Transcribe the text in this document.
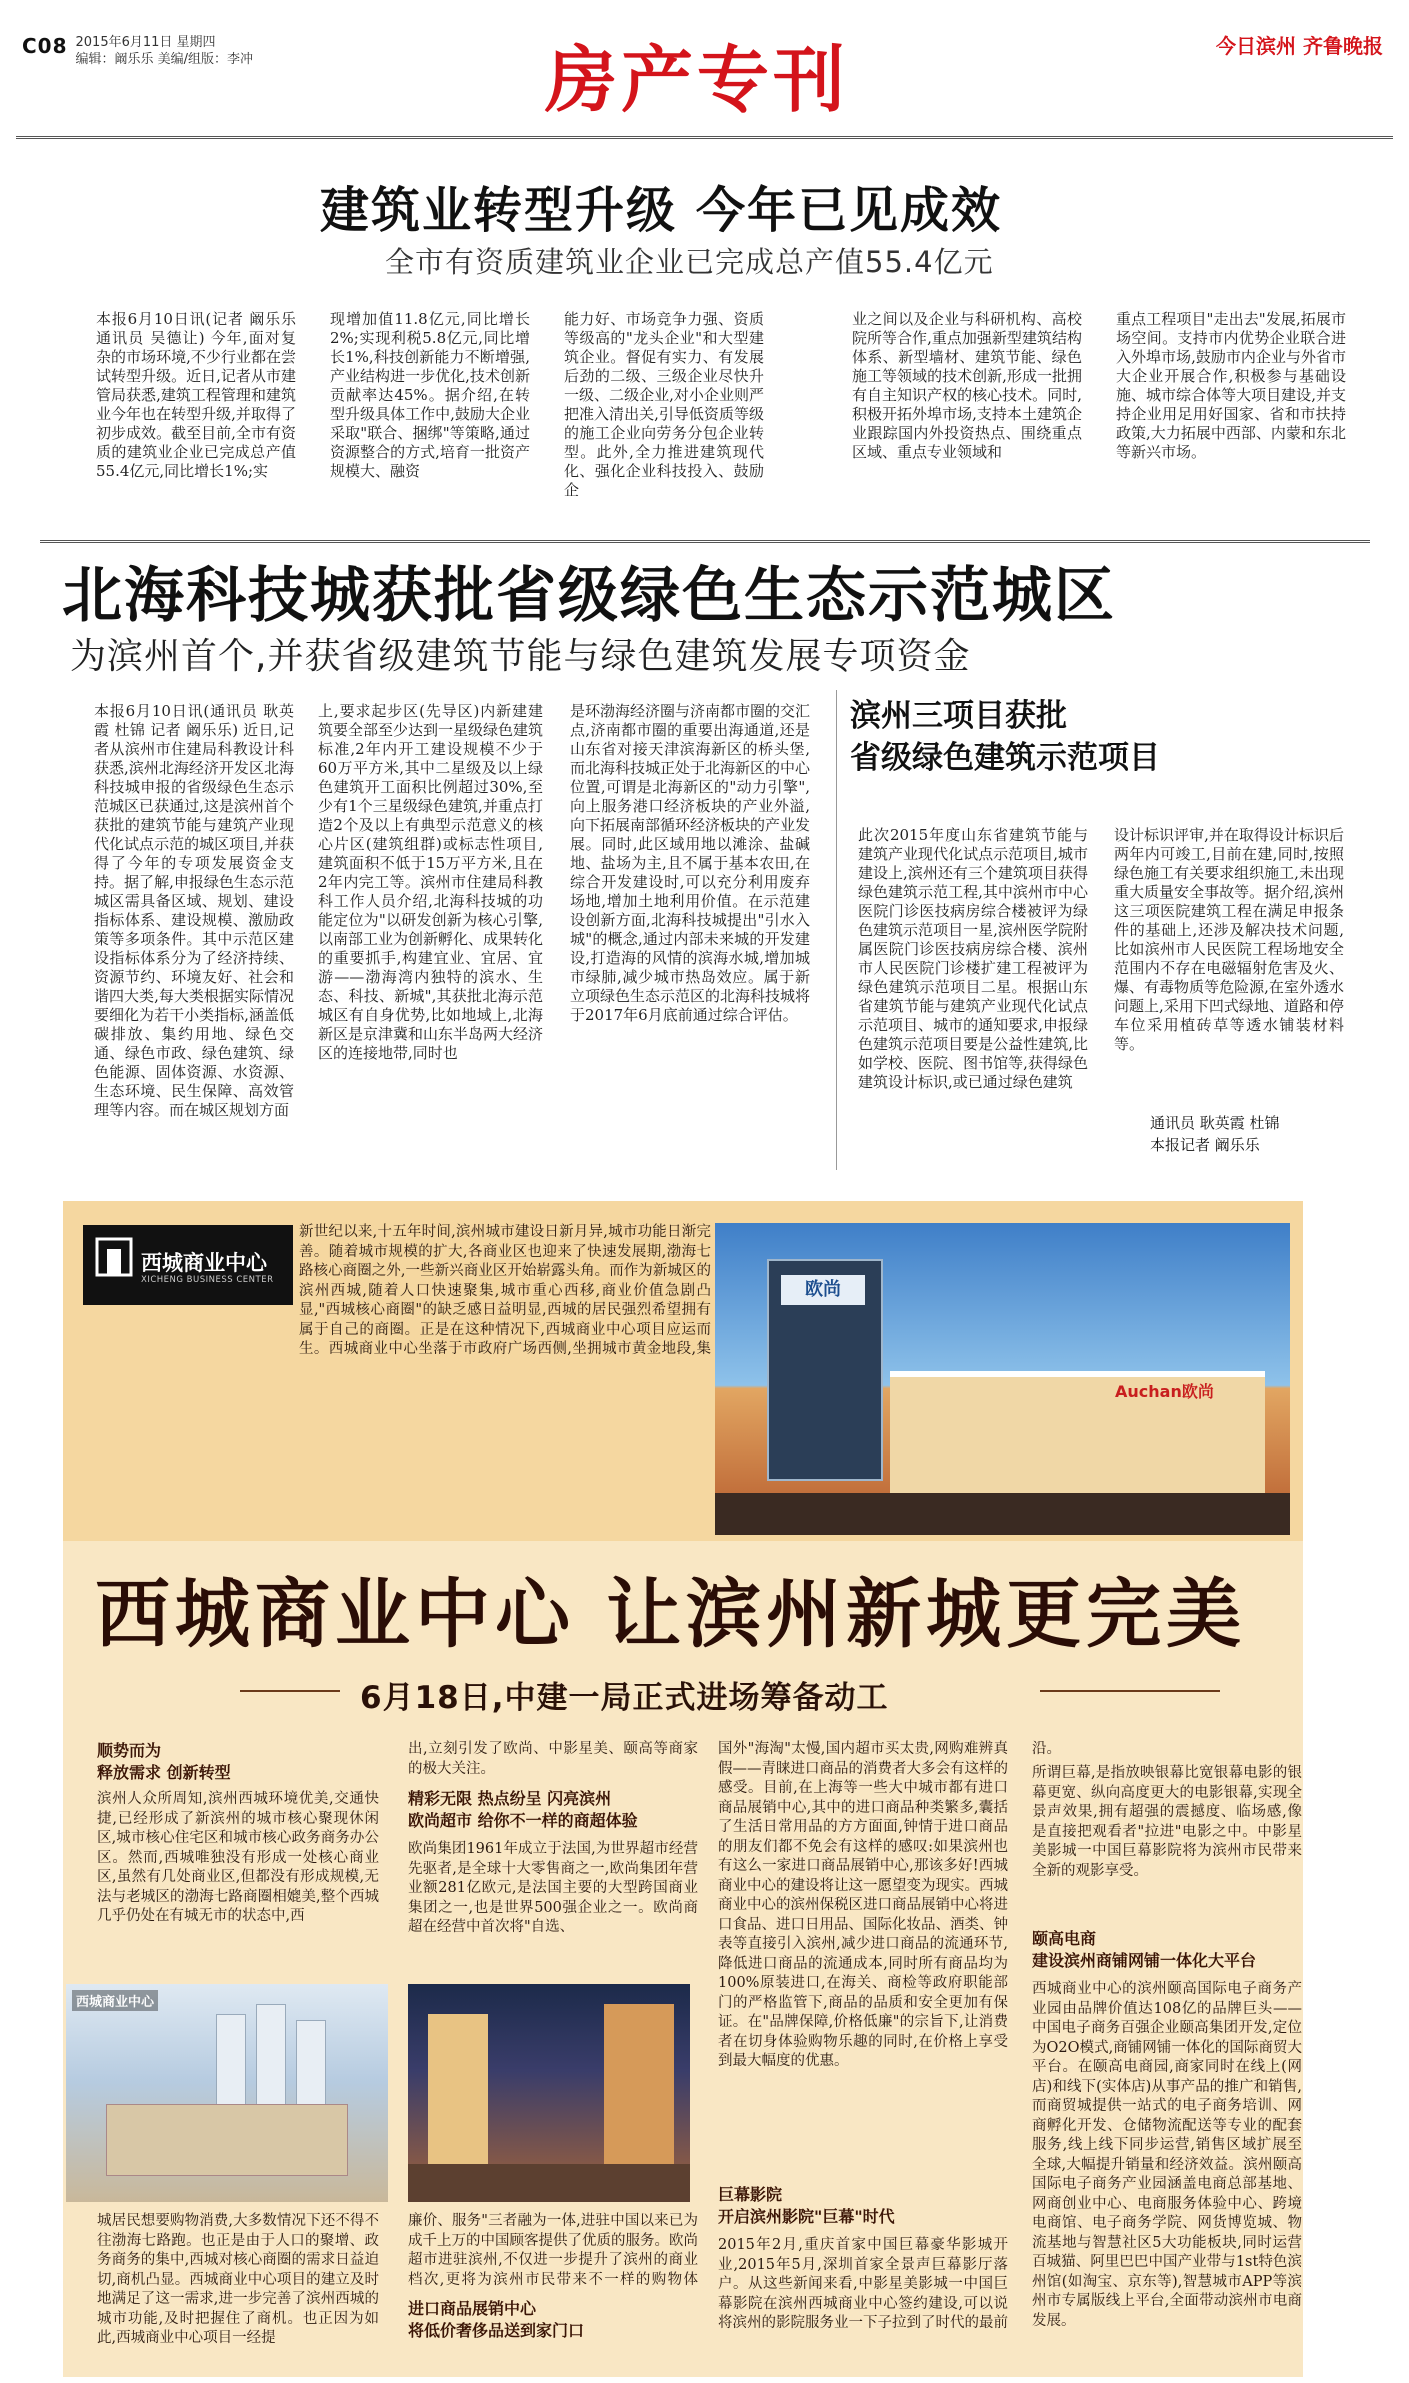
C08 2015年6月11日 星期四
编辑：阚乐乐 美编/组版：李冲	房产专刊	今日滨州 齐鲁晚报
建筑业转型升级 今年已见成效
全市有资质建筑业企业已完成总产值55.4亿元
本报6月10日讯(记者 阚乐乐 通讯员 吴德让) 今年,面对复杂的市场环境,不少行业都在尝试转型升级。近日,记者从市建管局获悉,建筑工程管理和建筑业今年也在转型升级,并取得了初步成效。截至目前,全市有资质的建筑业企业已完成总产值55.4亿元,同比增长1%;实
现增加值11.8亿元,同比增长2%;实现利税5.8亿元,同比增长1%,科技创新能力不断增强,产业结构进一步优化,技术创新贡献率达45%。据介绍,在转型升级具体工作中,鼓励大企业采取"联合、捆绑"等策略,通过资源整合的方式,培育一批资产规模大、融资
能力好、市场竞争力强、资质等级高的"龙头企业"和大型建筑企业。督促有实力、有发展后劲的二级、三级企业尽快升一级、二级企业,对小企业则严把准入清出关,引导低资质等级的施工企业向劳务分包企业转型。此外,全力推进建筑现代化、强化企业科技投入、鼓励企
业之间以及企业与科研机构、高校院所等合作,重点加强新型建筑结构体系、新型墙材、建筑节能、绿色施工等领域的技术创新,形成一批拥有自主知识产权的核心技术。同时,积极开拓外埠市场,支持本土建筑企业跟踪国内外投资热点、围绕重点区域、重点专业领域和
重点工程项目"走出去"发展,拓展市场空间。支持市内优势企业联合进入外埠市场,鼓励市内企业与外省市大企业开展合作,积极参与基础设施、城市综合体等大项目建设,并支持企业用足用好国家、省和市扶持政策,大力拓展中西部、内蒙和东北等新兴市场。
北海科技城获批省级绿色生态示范城区
为滨州首个,并获省级建筑节能与绿色建筑发展专项资金
本报6月10日讯(通讯员 耿英霞 杜锦 记者 阚乐乐) 近日,记者从滨州市住建局科教设计科获悉,滨州北海经济开发区北海科技城申报的省级绿色生态示范城区已获通过,这是滨州首个获批的建筑节能与建筑产业现代化试点示范的城区项目,并获得了今年的专项发展资金支持。据了解,申报绿色生态示范城区需具备区域、规划、建设指标体系、建设规模、激励政策等多项条件。其中示范区建设指标体系分为了经济持续、资源节约、环境友好、社会和谐四大类,每大类根据实际情况要细化为若干小类指标,涵盖低碳排放、集约用地、绿色交通、绿色市政、绿色建筑、绿色能源、固体资源、水资源、生态环境、民生保障、高效管理等内容。而在城区规划方面
上,要求起步区(先导区)内新建建筑要全部至少达到一星级绿色建筑标准,2年内开工建设规模不少于60万平方米,其中二星级及以上绿色建筑开工面积比例超过30%,至少有1个三星级绿色建筑,并重点打造2个及以上有典型示范意义的核心片区(建筑组群)或标志性项目,建筑面积不低于15万平方米,且在2年内完工等。滨州市住建局科教科工作人员介绍,北海科技城的功能定位为"以研发创新为核心引擎,以南部工业为创新孵化、成果转化的重要抓手,构建宜业、宜居、宜游——渤海湾内独特的滨水、生态、科技、新城",其获批北海示范城区有自身优势,比如地域上,北海新区是京津冀和山东半岛两大经济区的连接地带,同时也
是环渤海经济圈与济南都市圈的交汇点,济南都市圈的重要出海通道,还是山东省对接天津滨海新区的桥头堡,而北海科技城正处于北海新区的中心位置,可谓是北海新区的"动力引擎",向上服务港口经济板块的产业外溢,向下拓展南部循环经济板块的产业发展。同时,此区域用地以滩涂、盐碱地、盐场为主,且不属于基本农田,在综合开发建设时,可以充分利用废弃场地,增加土地利用价值。在示范建设创新方面,北海科技城提出"引水入城"的概念,通过内部未来城的开发建设,打造海的风情的滨海水城,增加城市绿肺,减少城市热岛效应。属于新立项绿色生态示范区的北海科技城将于2017年6月底前通过综合评估。
滨州三项目获批
省级绿色建筑示范项目
此次2015年度山东省建筑节能与建筑产业现代化试点示范项目,城市建设上,滨州还有三个建筑项目获得绿色建筑示范工程,其中滨州市中心医院门诊医技病房综合楼被评为绿色建筑示范项目一星,滨州医学院附属医院门诊医技病房综合楼、滨州市人民医院门诊楼扩建工程被评为绿色建筑示范项目二星。根据山东省建筑节能与建筑产业现代化试点示范项目、城市的通知要求,申报绿色建筑示范项目要是公益性建筑,比如学校、医院、图书馆等,获得绿色建筑设计标识,或已通过绿色建筑
设计标识评审,并在取得设计标识后两年内可竣工,目前在建,同时,按照绿色施工有关要求组织施工,未出现重大质量安全事故等。据介绍,滨州这三项医院建筑工程在满足申报条件的基础上,还涉及解决技术问题,比如滨州市人民医院工程场地安全范围内不存在电磁辐射危害及火、爆、有毒物质等危险源,在室外透水问题上,采用下凹式绿地、道路和停车位采用植砖草等透水铺装材料等。
通讯员 耿英霞 杜锦
本报记者 阚乐乐
西城商业中心
XICHENG BUSINESS CENTER
新世纪以来,十五年时间,滨州城市建设日新月异,城市功能日渐完善。随着城市规模的扩大,各商业区也迎来了快速发展期,渤海七路核心商圈之外,一些新兴商业区开始崭露头角。而作为新城区的滨州西城,随着人口快速聚集,城市重心西移,商业价值急剧凸显,"西城核心商圈"的缺乏感日益明显,西城的居民强烈希望拥有属于自己的商圈。正是在这种情况下,西城商业中心项目应运而生。西城商业中心坐落于市政府广场西侧,坐拥城市黄金地段,集
欧尚
Auchan欧尚
西城商业中心 让滨州新城更完美
6月18日,中建一局正式进场筹备动工
顺势而为
释放需求 创新转型
滨州人众所周知,滨州西城环境优美,交通快捷,已经形成了新滨州的城市核心聚现休闲区,城市核心住宅区和城市核心政务商务办公区。然而,西城唯独没有形成一处核心商业区,虽然有几处商业区,但都没有形成规模,无法与老城区的渤海七路商圈相媲美,整个西城几乎仍处在有城无市的状态中,西
西城商业中心
城居民想要购物消费,大多数情况下还不得不往渤海七路跑。也正是由于人口的聚增、政务商务的集中,西城对核心商圈的需求日益迫切,商机凸显。西城商业中心项目的建立及时地满足了这一需求,进一步完善了滨州西城的城市功能,及时把握住了商机。也正因为如此,西城商业中心项目一经提
出,立刻引发了欧尚、中影星美、颐高等商家的极大关注。
精彩无限 热点纷呈 闪亮滨州
欧尚超市 给你不一样的商超体验
欧尚集团1961年成立于法国,为世界超市经营先驱者,是全球十大零售商之一,欧尚集团年营业额281亿欧元,是法国主要的大型跨国商业集团之一,也是世界500强企业之一。欧尚商超在经营中首次将"自选、
廉价、服务"三者融为一体,进驻中国以来已为成千上万的中国顾客提供了优质的服务。欧尚超市进驻滨州,不仅进一步提升了滨州的商业档次,更将为滨州市民带来不一样的购物体
进口商品展销中心
将低价奢侈品送到家门口
国外"海淘"太慢,国内超市买太贵,网购难辨真假——青睐进口商品的消费者大多会有这样的感受。目前,在上海等一些大中城市都有进口商品展销中心,其中的进口商品种类繁多,囊括了生活日常用品的方方面面,钟情于进口商品的朋友们都不免会有这样的感叹:如果滨州也有这么一家进口商品展销中心,那该多好!西城商业中心的建设将让这一愿望变为现实。西城商业中心的滨州保税区进口商品展销中心将进口食品、进口日用品、国际化妆品、酒类、钟表等直接引入滨州,减少进口商品的流通环节,降低进口商品的流通成本,同时所有商品均为100%原装进口,在海关、商检等政府职能部门的严格监管下,商品的品质和安全更加有保证。在"品牌保障,价格低廉"的宗旨下,让消费者在切身体验购物乐趣的同时,在价格上享受到最大幅度的优惠。
巨幕影院
开启滨州影院"巨幕"时代
2015年2月,重庆首家中国巨幕豪华影城开业,2015年5月,深圳首家全景声巨幕影厅落户。从这些新闻来看,中影星美影城一中国巨幕影院在滨州西城商业中心签约建设,可以说将滨州的影院服务业一下子拉到了时代的最前
沿。
所谓巨幕,是指放映银幕比宽银幕电影的银幕更宽、纵向高度更大的电影银幕,实现全景声效果,拥有超强的震撼度、临场感,像是直接把观看者"拉进"电影之中。中影星美影城一中国巨幕影院将为滨州市民带来全新的观影享受。
颐高电商
建设滨州商铺网铺一体化大平台
西城商业中心的滨州颐高国际电子商务产业园由品牌价值达108亿的品牌巨头——中国电子商务百强企业颐高集团开发,定位为O2O模式,商铺网铺一体化的国际商贸大平台。在颐高电商园,商家同时在线上(网店)和线下(实体店)从事产品的推广和销售,而商贸城提供一站式的电子商务培训、网商孵化开发、仓储物流配送等专业的配套服务,线上线下同步运营,销售区域扩展至全球,大幅提升销量和经济效益。滨州颐高国际电子商务产业园涵盖电商总部基地、网商创业中心、电商服务体验中心、跨境电商馆、电子商务学院、网货博览城、物流基地与智慧社区5大功能板块,同时运营百城猫、阿里巴巴中国产业带与1st特色滨州馆(如淘宝、京东等),智慧城市APP等滨州市专属版线上平台,全面带动滨州市电商发展。
